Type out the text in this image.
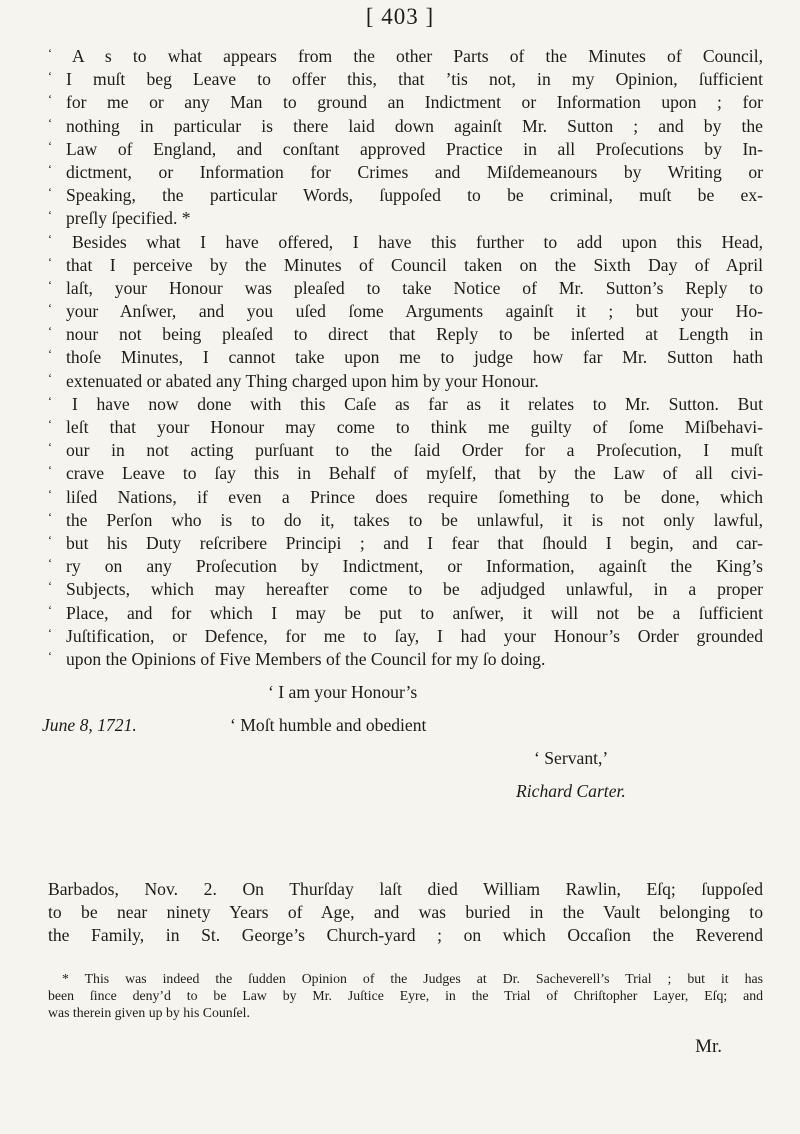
[ 403 ]
‘ A s to what appears from the other Parts of the Minutes of Council,
‘ I muſt beg Leave to offer this, that ’tis not, in my Opinion, ſufficient
‘ for me or any Man to ground an Indictment or Information upon ; for
‘ nothing in particular is there laid down againſt Mr. Sutton ; and by the
‘ Law of England, and conſtant approved Practice in all Proſecutions by In-
‘ dictment, or Information for Crimes and Miſdemeanours by Writing or
‘ Speaking, the particular Words, ſuppoſed to be criminal, muſt be ex-
‘ preſly ſpecified. *
‘ Besides what I have offered, I have this further to add upon this Head,
‘ that I perceive by the Minutes of Council taken on the Sixth Day of April
‘ laſt, your Honour was pleaſed to take Notice of Mr. Sutton’s Reply to
‘ your Anſwer, and you uſed ſome Arguments againſt it ; but your Ho-
‘ nour not being pleaſed to direct that Reply to be inſerted at Length in
‘ thoſe Minutes, I cannot take upon me to judge how far Mr. Sutton hath
‘ extenuated or abated any Thing charged upon him by your Honour.
‘ I have now done with this Caſe as far as it relates to Mr. Sutton. But
‘ leſt that your Honour may come to think me guilty of ſome Miſbehavi-
‘ our in not acting purſuant to the ſaid Order for a Proſecution, I muſt
‘ crave Leave to ſay this in Behalf of myſelf, that by the Law of all civi-
‘ liſed Nations, if even a Prince does require ſomething to be done, which
‘ the Perſon who is to do it, takes to be unlawful, it is not only lawful,
‘ but his Duty reſcribere Principi ; and I fear that ſhould I begin, and car-
‘ ry on any Proſecution by Indictment, or Information, againſt the King’s
‘ Subjects, which may hereafter come to be adjudged unlawful, in a proper
‘ Place, and for which I may be put to anſwer, it will not be a ſufficient
‘ Juſtification, or Defence, for me to ſay, I had your Honour’s Order grounded
‘ upon the Opinions of Five Members of the Council for my ſo doing.
‘ I am your Honour’s
June 8, 1721.	‘ Moſt humble and obedient
‘ Servant,’
Richard Carter.
Barbados, Nov. 2. On Thurſday laſt died William Rawlin, Eſq; ſuppoſed
to be near ninety Years of Age, and was buried in the Vault belonging to
the Family, in St. George’s Church-yard ; on which Occaſion the Reverend
* This was indeed the ſudden Opinion of the Judges at Dr. Sacheverell’s Trial ; but it has
been ſince deny’d to be Law by Mr. Juſtice Eyre, in the Trial of Chriſtopher Layer, Eſq; and
was therein given up by his Counſel.
Mr.
